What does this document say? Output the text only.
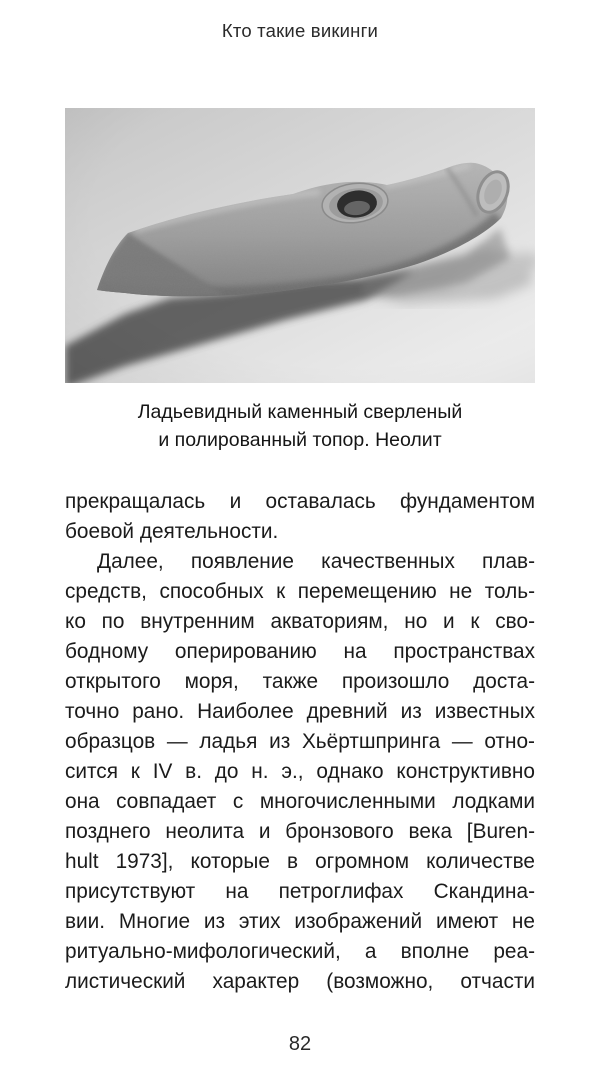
Кто такие викинги
Ладьевидный каменный сверленый
и полированный топор. Неолит
прекращалась и оставалась фундаментом
боевой деятельности.
Далее, появление качественных плав-
средств, способных к перемещению не толь-
ко по внутренним акваториям, но и к сво-
бодному оперированию на пространствах
открытого моря, также произошло доста-
точно рано. Наиболее древний из известных
образцов — ладья из Хьёртшпринга — отно-
сится к IV в. до н. э., однако конструктивно
она совпадает с многочисленными лодками
позднего неолита и бронзового века [Buren-
hult 1973], которые в огромном количестве
присутствуют на петроглифах Скандина-
вии. Многие из этих изображений имеют не
ритуально-мифологический, а вполне реа-
листический характер (возможно, отчасти
82
